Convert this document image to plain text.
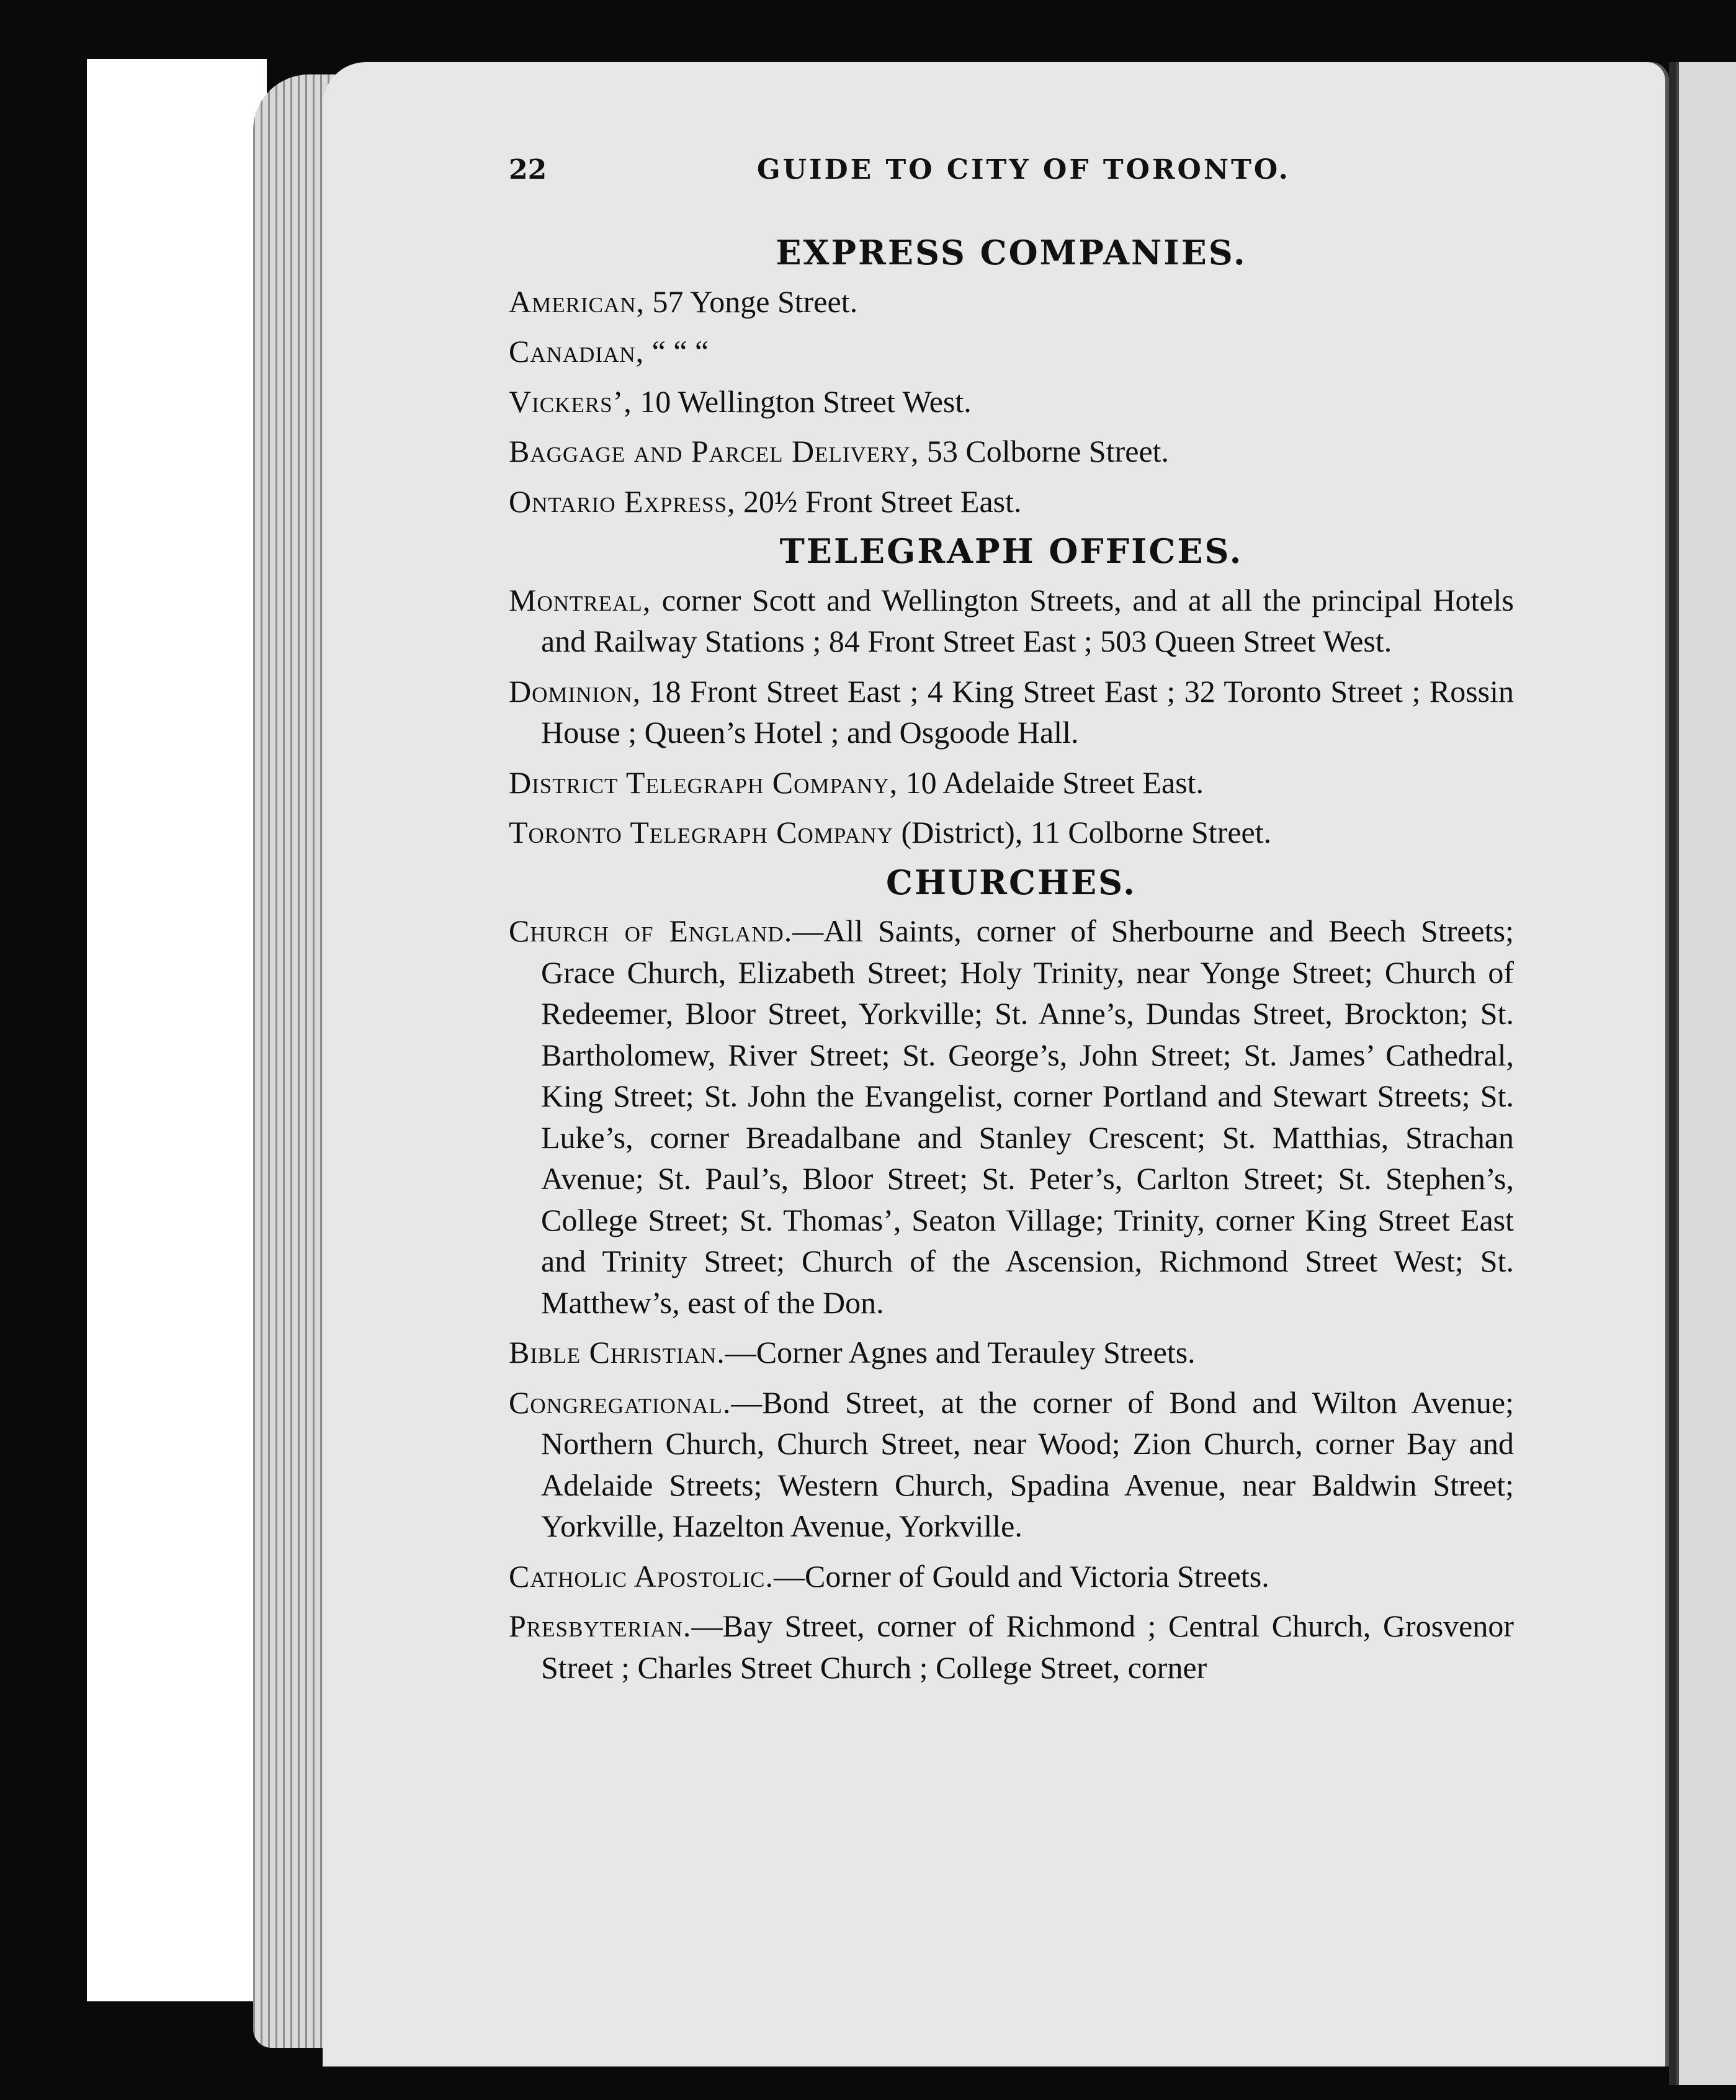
22	GUIDE TO CITY OF TORONTO.
EXPRESS COMPANIES.
American, 57 Yonge Street.
Canadian, “ “ “
Vickers’, 10 Wellington Street West.
Baggage and Parcel Delivery, 53 Colborne Street.
Ontario Express, 20½ Front Street East.
TELEGRAPH OFFICES.
Montreal, corner Scott and Wellington Streets, and at all the principal Hotels and Railway Stations ; 84 Front Street East ; 503 Queen Street West.
Dominion, 18 Front Street East ; 4 King Street East ; 32 Toronto Street ; Rossin House ; Queen’s Hotel ; and Osgoode Hall.
District Telegraph Company, 10 Adelaide Street East.
Toronto Telegraph Company (District), 11 Colborne Street.
CHURCHES.
Church of England.—All Saints, corner of Sherbourne and Beech Streets; Grace Church, Elizabeth Street; Holy Trinity, near Yonge Street; Church of Redeemer, Bloor Street, Yorkville; St. Anne’s, Dundas Street, Brockton; St. Bartholomew, River Street; St. George’s, John Street; St. James’ Cathedral, King Street; St. John the Evangelist, corner Portland and Stewart Streets; St. Luke’s, corner Breadalbane and Stanley Crescent; St. Matthias, Strachan Avenue; St. Paul’s, Bloor Street; St. Peter’s, Carlton Street; St. Stephen’s, College Street; St. Thomas’, Seaton Village; Trinity, corner King Street East and Trinity Street; Church of the Ascension, Richmond Street West; St. Matthew’s, east of the Don.
Bible Christian.—Corner Agnes and Terauley Streets.
Congregational.—Bond Street, at the corner of Bond and Wilton Avenue; Northern Church, Church Street, near Wood; Zion Church, corner Bay and Adelaide Streets; Western Church, Spadina Avenue, near Baldwin Street; Yorkville, Hazelton Avenue, Yorkville.
Catholic Apostolic.—Corner of Gould and Victoria Streets.
Presbyterian.—Bay Street, corner of Richmond ; Central Church, Grosvenor Street ; Charles Street Church ; College Street, corner
